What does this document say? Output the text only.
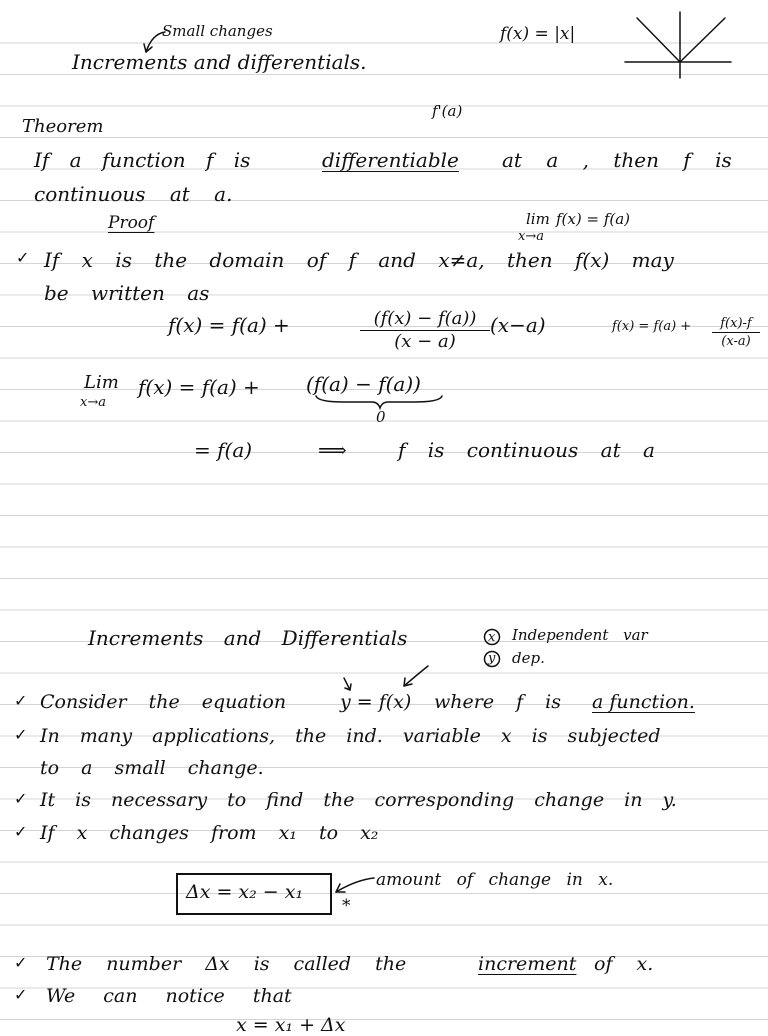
Small changes
Increments and differentials.
f(x) = |x|
Theorem
f'(a)
If a function f is	differentiable at a , then f is
continuous at a.
Proof	lim
x→a
f(x) = f(a)
✓ If x is the domain of f and x≠a, then f(x) may
be written as
f(x) = f(a) +	(f(x) − f(a))
(x − a)
(x−a)	f(x) = f(a) +	f(x)-f
(x-a)
Lim
x→a
f(x) = f(a) + (f(a) − f(a))
0
= f(a)	⟹	f is continuous at a
Increments and Differentials	x Independent var
y dep.
✓ Consider the equation	y = f(x) where f is a function.
✓ In many applications, the ind. variable x is subjected
to a small change.
✓ It is necessary to find the corresponding change in y.
✓ If x changes from x₁ to x₂
Δx = x₂ − x₁
*
amount of change in x.
✓ The number Δx is called the	increment of x.
✓ We can notice that
x = x₁ + Δx
